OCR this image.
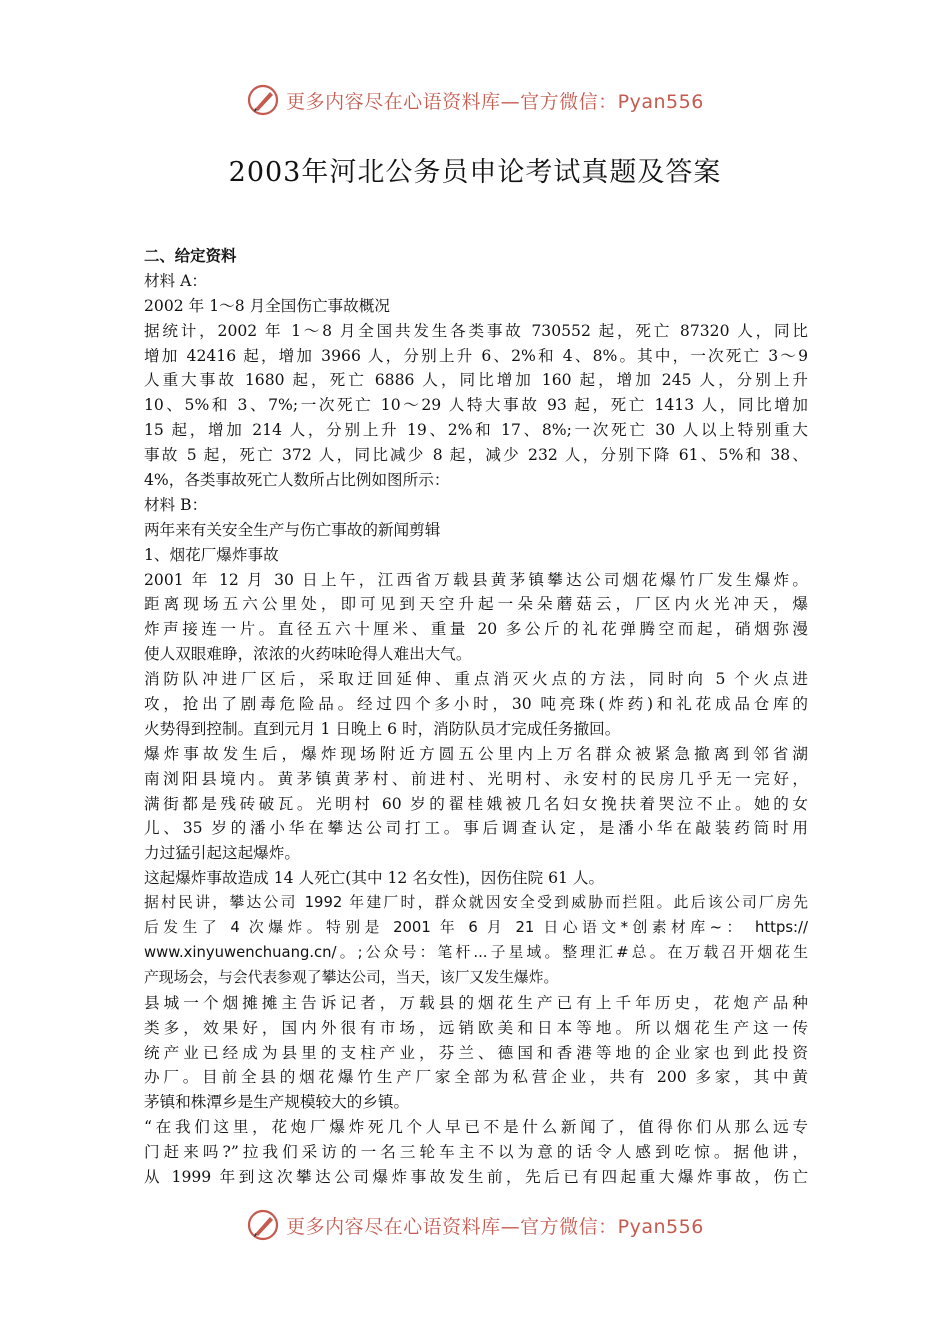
更多内容尽在心语资料库—官方微信：Pyan556
2003年河北公务员申论考试真题及答案
二、给定资料
材料 A：
2002 年 1～8 月全国伤亡事故概况
据统计，2002 年 1～8 月全国共发生各类事故 730552 起，死亡 87320 人，同比
增加 42416 起，增加 3966 人，分别上升 6、2%和 4、8%。其中，一次死亡 3～9
人重大事故 1680 起，死亡 6886 人，同比增加 160 起，增加 245 人，分别上升
10、5%和 3、7%;一次死亡 10～29 人特大事故 93 起，死亡 1413 人，同比增加
15 起，增加 214 人，分别上升 19、2%和 17、8%;一次死亡 30 人以上特别重大
事故 5 起，死亡 372 人，同比减少 8 起，减少 232 人，分别下降 61、5%和 38、
4%，各类事故死亡人数所占比例如图所示：
材料 B：
两年来有关安全生产与伤亡事故的新闻剪辑
1、烟花厂爆炸事故
2001 年 12 月 30 日上午，江西省万载县黄茅镇攀达公司烟花爆竹厂发生爆炸。
距离现场五六公里处，即可见到天空升起一朵朵蘑菇云，厂区内火光冲天，爆
炸声接连一片。直径五六十厘米、重量 20 多公斤的礼花弹腾空而起，硝烟弥漫
使人双眼难睁，浓浓的火药味呛得人难出大气。
消防队冲进厂区后，采取迂回延伸、重点消灭火点的方法，同时向 5 个火点进
攻，抢出了剧毒危险品。经过四个多小时，30 吨亮珠(炸药)和礼花成品仓库的
火势得到控制。直到元月 1 日晚上 6 时，消防队员才完成任务撤回。
爆炸事故发生后，爆炸现场附近方圆五公里内上万名群众被紧急撤离到邻省湖
南浏阳县境内。黄茅镇黄茅村、前进村、光明村、永安村的民房几乎无一完好，
满街都是残砖破瓦。光明村 60 岁的翟桂娥被几名妇女挽扶着哭泣不止。她的女
儿、35 岁的潘小华在攀达公司打工。事后调查认定，是潘小华在敲装药筒时用
力过猛引起这起爆炸。
这起爆炸事故造成 14 人死亡(其中 12 名女性)，因伤住院 61 人。
据村民讲，攀达公司 1992 年建厂时，群众就因安全受到威胁而拦阻。此后该公司厂房先
后发生了 4 次爆炸。特别是 2001 年 6 月 21 日心语文*创素材库~： https://
www.xinyuwenchuang.cn/。;公众号：笔杆...子星域。整理汇#总。在万载召开烟花生
产现场会，与会代表参观了攀达公司，当天，该厂又发生爆炸。
县城一个烟摊摊主告诉记者，万载县的烟花生产已有上千年历史，花炮产品种
类多，效果好，国内外很有市场，远销欧美和日本等地。所以烟花生产这一传
统产业已经成为县里的支柱产业，芬兰、德国和香港等地的企业家也到此投资
办厂。目前全县的烟花爆竹生产厂家全部为私营企业，共有 200 多家，其中黄
茅镇和株潭乡是生产规模较大的乡镇。
“在我们这里，花炮厂爆炸死几个人早已不是什么新闻了，值得你们从那么远专
门赶来吗?”拉我们采访的一名三轮车主不以为意的话令人感到吃惊。据他讲，
从 1999 年到这次攀达公司爆炸事故发生前，先后已有四起重大爆炸事故，伤亡
更多内容尽在心语资料库—官方微信：Pyan556
